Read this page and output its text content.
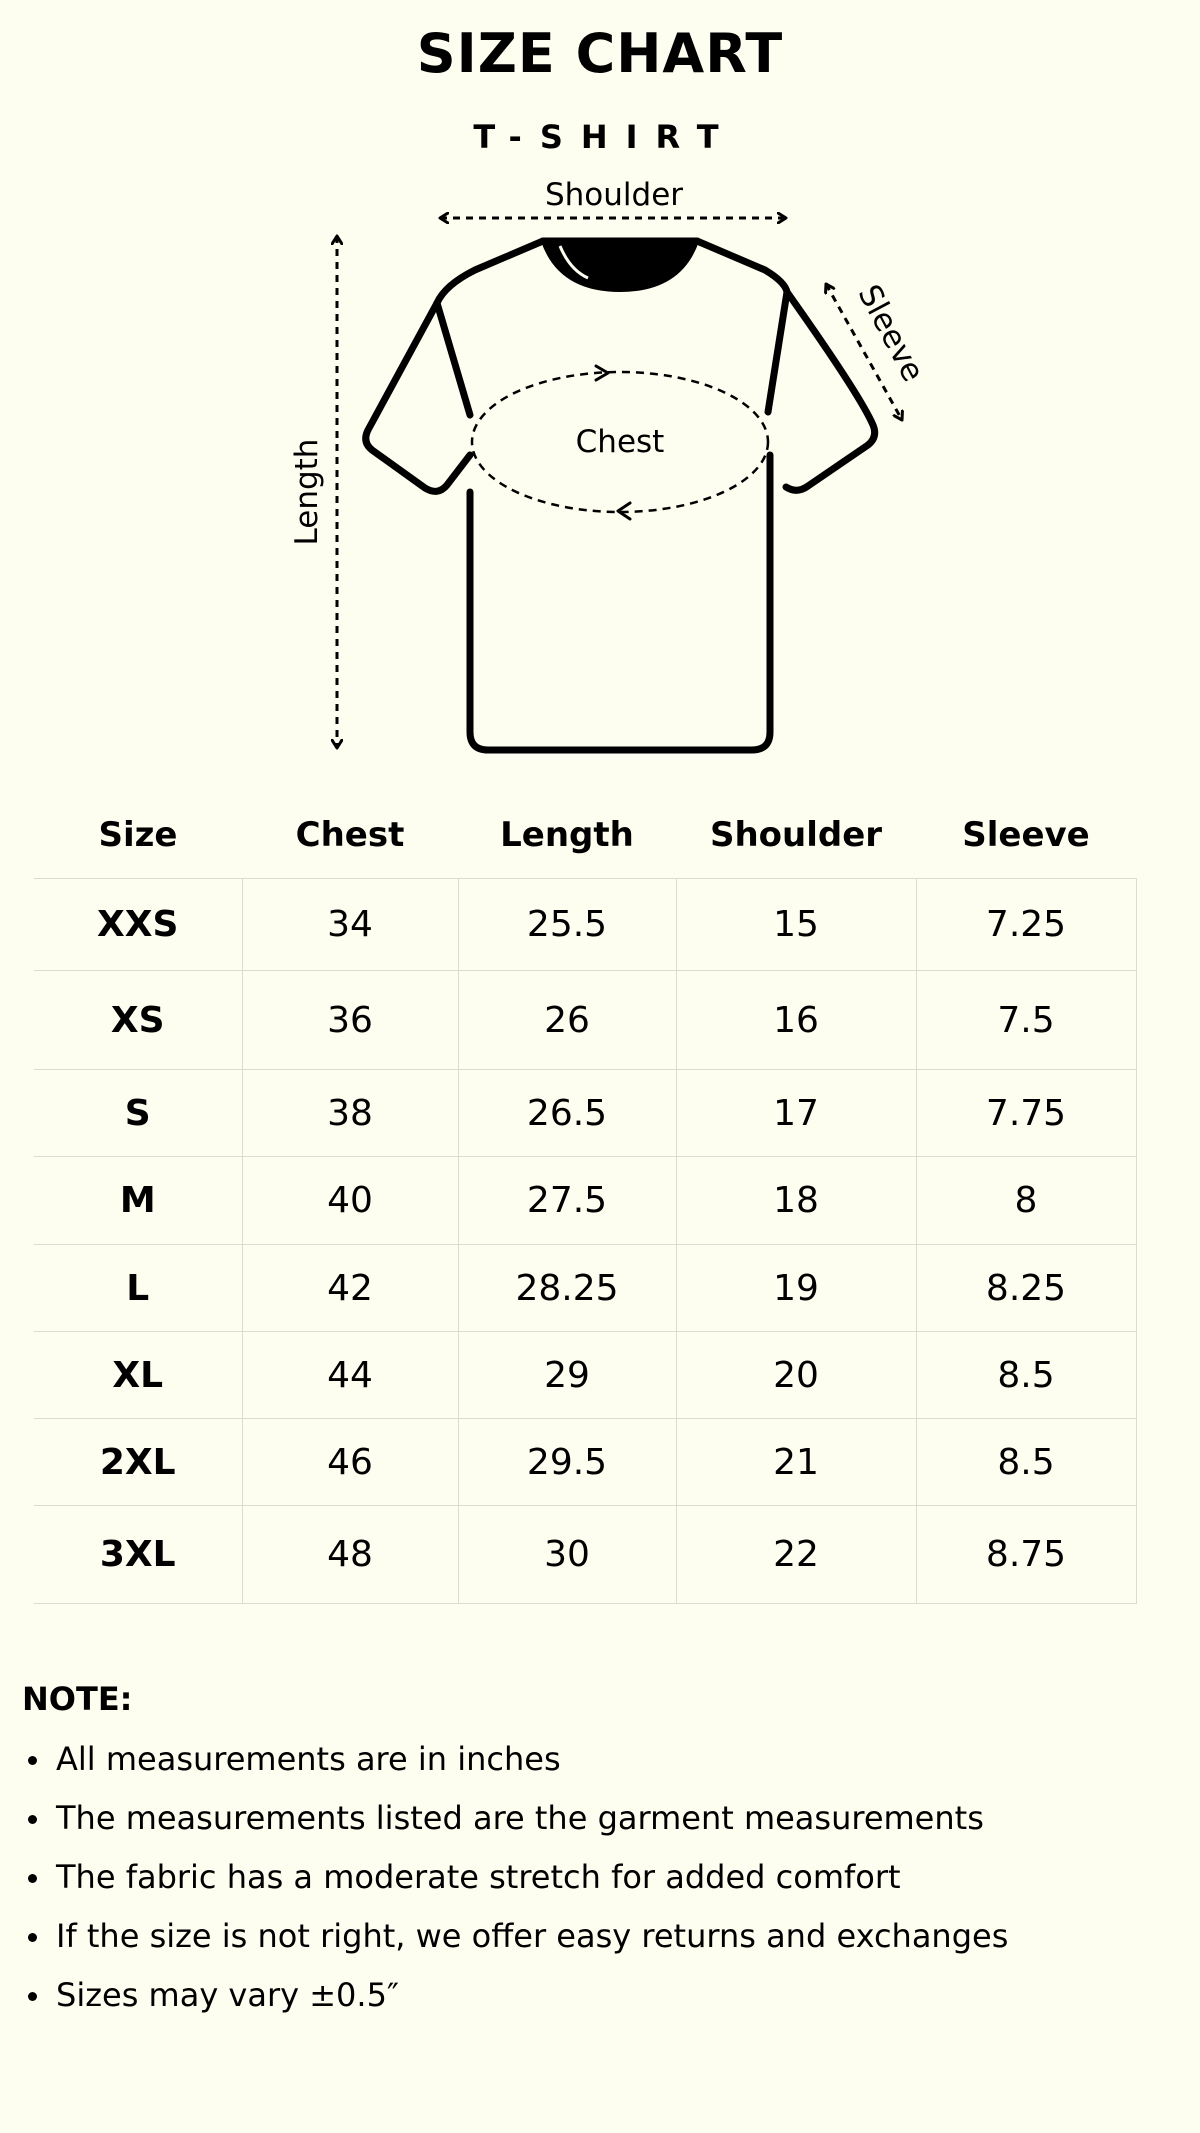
SIZE CHART
T-SHIRT
Shoulder
Length
Sleeve
Chest
Size	Chest	Length	Shoulder	Sleeve
XXS	34	25.5	15	7.25
XS	36	26	16	7.5
S	38	26.5	17	7.75
M	40	27.5	18	8
L	42	28.25	19	8.25
XL	44	29	20	8.5
2XL	46	29.5	21	8.5
3XL	48	30	22	8.75
NOTE:
All measurements are in inches
The measurements listed are the garment measurements
The fabric has a moderate stretch for added comfort
If the size is not right, we offer easy returns and exchanges
Sizes may vary ±0.5″
